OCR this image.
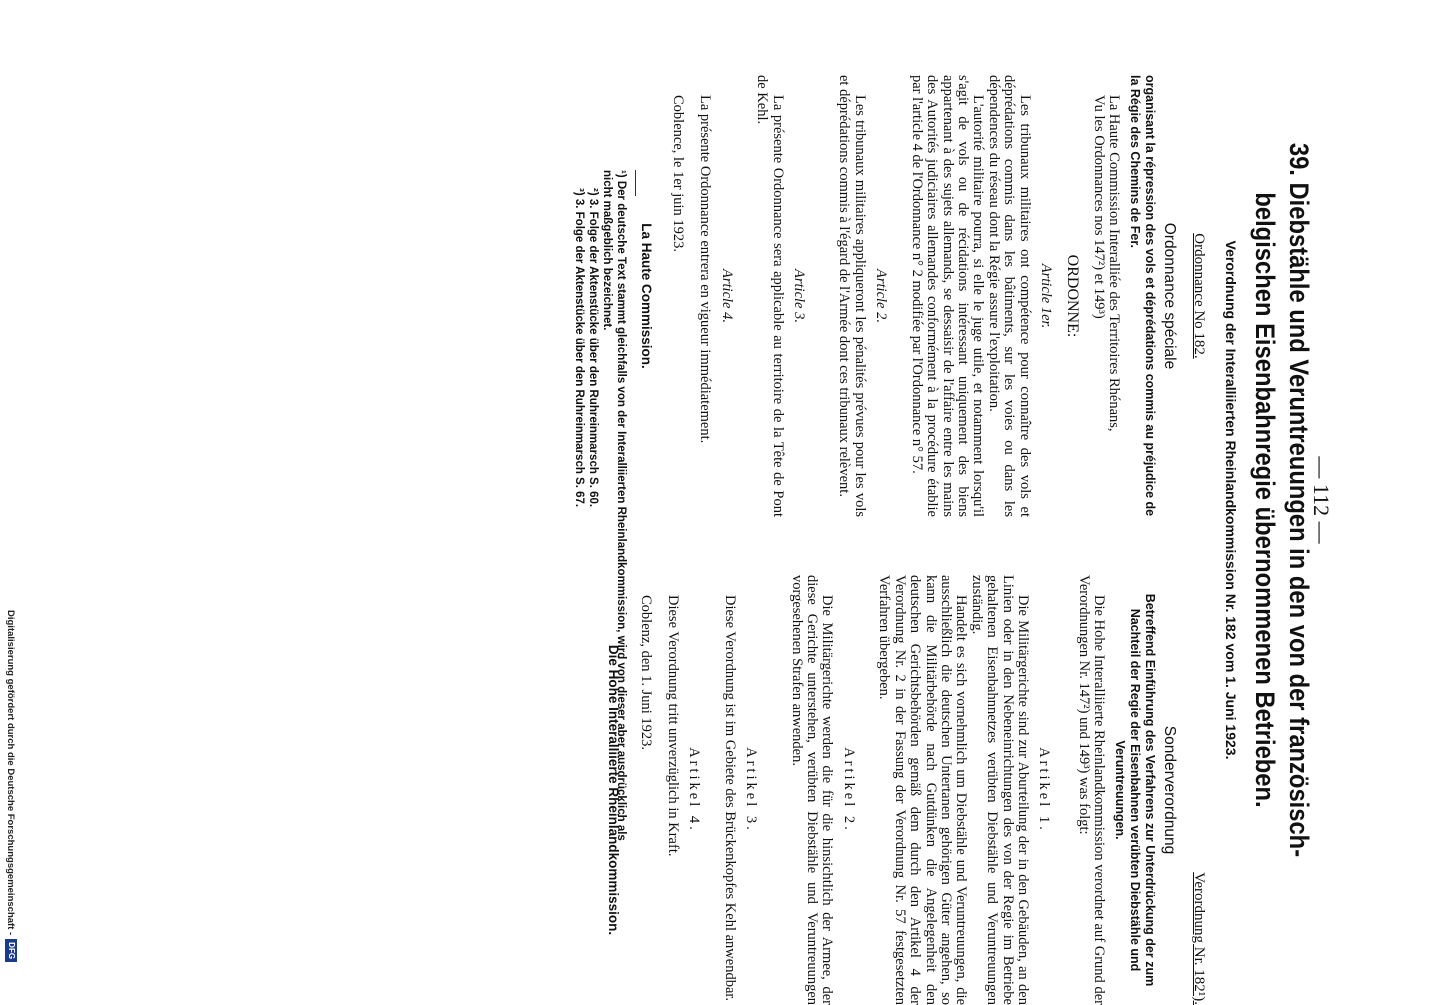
— 112 —
39. Diebstähle und Veruntreuungen in den von der französisch-belgischen Eisenbahnregie übernommenen Betrieben.
Verordnung der Interalliierten Rheinlandkommission Nr. 182 vom 1. Juni 1923.
Ordonnance No 182.
Ordonnance spéciale
organisant la répression des vols et déprédations commis au préjudice de la Régie des Chemins de Fer.

La Haute Commission Interalliée des Territoires Rhénans,

Vu les Ordonnances nos 147²) et 149³)

ORDONNE:
Article 1er.

Les tribunaux militaires ont compétence pour connaître des vols et déprédations commis dans les bâtiments, sur les voies ou dans les dépendences du réseau dont la Régie assure l'exploitation.

L'autorité militaire pourra, si elle le juge utile, et notamment lorsqu'il s'agit de vols ou de récidations intéressant uniquement des biens appartenant à des sujets allemands, se dessaisir de l'affaire entre les mains des Autorités judiciaires allemandes conformément à la procédure établie par l'article 4 de l'Ordonnance n° 2 modifiée par l'Ordonnance n° 57.

Article 2.

Les tribunaux militaires appliqueront les pénalités prévues pour les vols et déprédations commis à l'égard de l'Armée dont ces tribunaux relèvent.

Article 3.

La présente Ordonnance sera applicable au territoire de la Tête de Pont de Kehl.

Article 4.

La présente Ordonnance entrera en vigueur immédiatement.

Coblence, le 1er juin 1923.

La Haute Commission.
Verordnung Nr. 182¹).
Sonderverordnung
Betreffend Einführung des Verfahrens zur Unterdrückung der zum Nachteil der Regie der Eisenbahnen verübten Diebstähle und Veruntreuungen.

Die Hohe Interalliierte Rheinlandkommission verordnet auf Grund der Verordnungen Nr. 147²) und 149³) was folgt:

Artikel 1.

Die Militärgerichte sind zur Aburteilung der in den Gebäuden, an den Linien oder in den Nebeneinrichtungen des von der Regie im Betriebe gehaltenen Eisenbahnnetzes verübten Diebstähle und Veruntreuungen zuständig.

Handelt es sich vornehmlich um Diebstähle und Veruntreuungen, die ausschließlich die deutschen Untertanen gehörigen Güter angehen, so kann die Militärbehörde nach Gutdünken die Angelegenheit den deutschen Gerichtsbehörden gemäß dem durch den Artikel 4 der Verordnung Nr. 2 in der Fassung der Verordnung Nr. 57 festgesetzten Verfahren übergeben.

Artikel 2.

Die Militärgerichte werden die für die hinsichtlich der Armee, der diese Gerichte unterstehen, verübten Diebstähle und Veruntreuungen vorgesehenen Strafen anwenden.

Artikel 3.

Diese Verordnung ist im Gebiete des Brückenkopfes Kehl anwendbar.

Artikel 4.

Diese Verordnung tritt unverzüglich in Kraft.

Coblenz, den 1. Juni 1923.

Die Hohe Interalliierte Rheinlandkommission.
¹) Der deutsche Text stammt gleichfalls von der Interalliierten Rheinlandkommission, wird von dieser aber ausdrücklich als nicht maßgeblich bezeichnet.
²) 3. Folge der Aktenstücke über den Ruhreinmarsch S. 60.
³) 3. Folge der Aktenstücke über den Ruhreinmarsch S. 67.
Digitalisierung gefördert durch die Deutsche Forschungsgemeinschaft -
DFG
